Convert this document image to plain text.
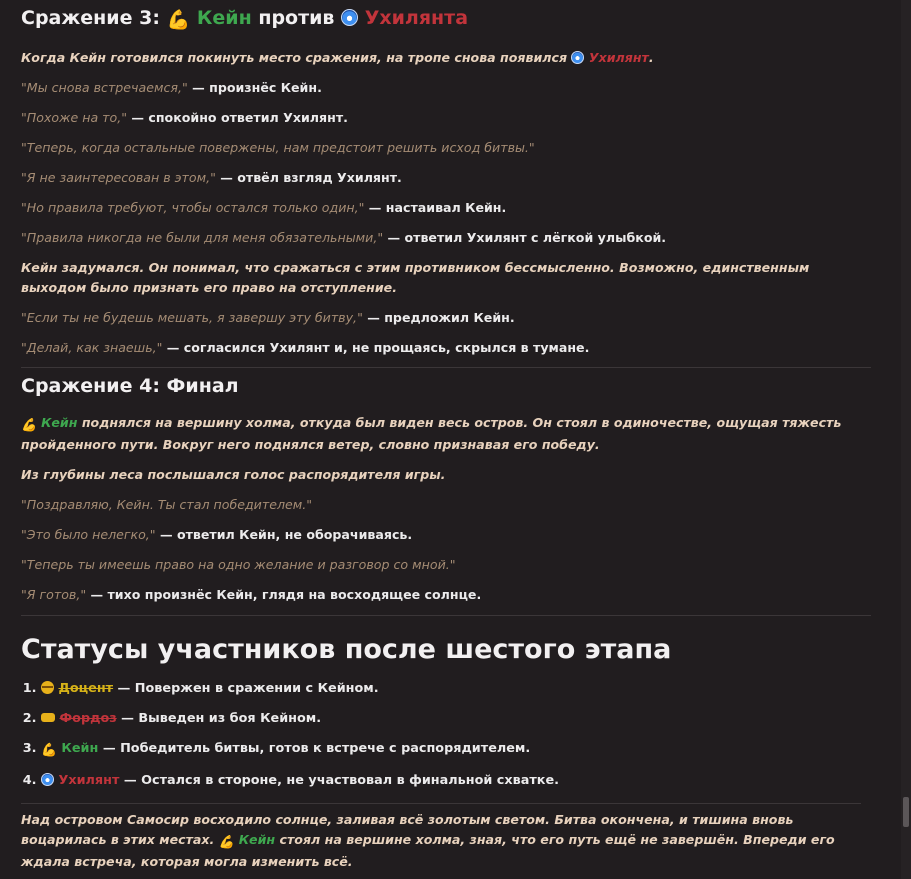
Сражение 3: 💪 Кейн против Ухилянта

Когда Кейн готовился покинуть место сражения, на тропе снова появился Ухилянт.

"Мы снова встречаемся," — произнёс Кейн.

"Похоже на то," — спокойно ответил Ухилянт.

"Теперь, когда остальные повержены, нам предстоит решить исход битвы."

"Я не заинтересован в этом," — отвёл взгляд Ухилянт.

"Но правила требуют, чтобы остался только один," — настаивал Кейн.

"Правила никогда не были для меня обязательными," — ответил Ухилянт с лёгкой улыбкой.

Кейн задумался. Он понимал, что сражаться с этим противником бессмысленно. Возможно, единственным выходом было признать его право на отступление.

"Если ты не будешь мешать, я завершу эту битву," — предложил Кейн.

"Делай, как знаешь," — согласился Ухилянт и, не прощаясь, скрылся в тумане.

Сражение 4: Финал

💪 Кейн поднялся на вершину холма, откуда был виден весь остров. Он стоял в одиночестве, ощущая тяжесть пройденного пути. Вокруг него поднялся ветер, словно признавая его победу.

Из глубины леса послышался голос распорядителя игры.

"Поздравляю, Кейн. Ты стал победителем."

"Это было нелегко," — ответил Кейн, не оборачиваясь.

"Теперь ты имеешь право на одно желание и разговор со мной."

"Я готов," — тихо произнёс Кейн, глядя на восходящее солнце.

Статусы участников после шестого этапа
1. Доцент — Повержен в сражении с Кейном.
2. Фордоз — Выведен из боя Кейном.
3. 💪 Кейн — Победитель битвы, готов к встрече с распорядителем.
4. Ухилянт — Остался в стороне, не участвовал в финальной схватке.

Над островом Самосир восходило солнце, заливая всё золотым светом. Битва окончена, и тишина вновь воцарилась в этих местах. 💪 Кейн стоял на вершине холма, зная, что его путь ещё не завершён. Впереди его ждала встреча, которая могла изменить всё.
